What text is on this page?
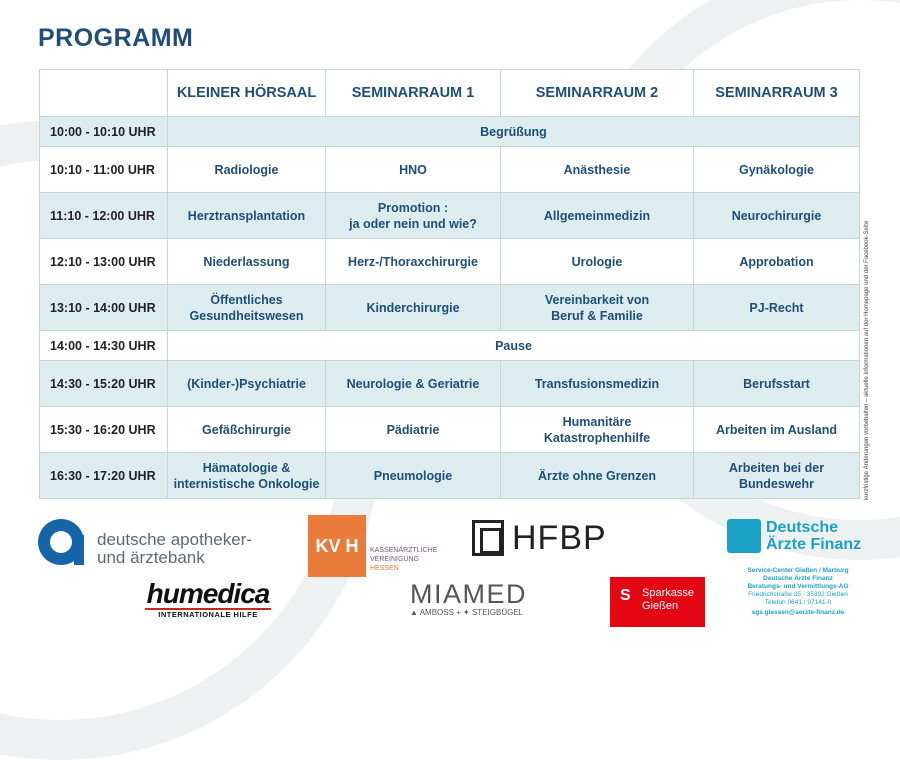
PROGRAMM
	KLEINER HÖRSAAL	SEMINARRAUM 1	SEMINARRAUM 2	SEMINARRAUM 3
10:00 - 10:10 UHR	Begrüßung			
10:10 - 11:00 UHR	Radiologie	HNO	Anästhesie	Gynäkologie
11:10 - 12:00 UHR	Herztransplantation	Promotion :
ja oder nein und wie?	Allgemeinmedizin	Neurochirurgie
12:10 - 13:00 UHR	Niederlassung	Herz-/Thoraxchirurgie	Urologie	Approbation
13:10 - 14:00 UHR	Öffentliches
Gesundheitswesen	Kinderchirurgie	Vereinbarkeit von
Beruf & Familie	PJ-Recht
14:00 - 14:30 UHR	Pause			
14:30 - 15:20 UHR	(Kinder-)Psychiatrie	Neurologie & Geriatrie	Transfusionsmedizin	Berufsstart
15:30 - 16:20 UHR	Gefäßchirurgie	Pädiatrie	Humanitäre
Katastrophenhilfe	Arbeiten im Ausland
16:30 - 17:20 UHR	Hämatologie &
internistische Onkologie	Pneumologie	Ärzte ohne Grenzen	Arbeiten bei der
Bundeswehr	kurzfristige Änderungen vorbehalten – aktuelle Informationen auf der Homepage und der Facebook-Seite
deutsche apotheker-
und ärztebank
KV H	KASSENÄRZTLICHE
VEREINIGUNG
HESSEN
HFBP	Deutsche
Ärzte Finanz
Service-Center Gießen / Marburg
Deutsche Ärzte Finanz
Beratungs- und Vermittlungs-AG
Friedrichstraße 35 · 35392 Gießen
Telefon 0641 / 97141-0
sgs.giessen@aerzte-finanz.de
humedica
INTERNATIONALE HILFE
MIAMED
▲ AMBOSS + ✦ STEIGBÜGEL
S	Sparkasse
Gießen
